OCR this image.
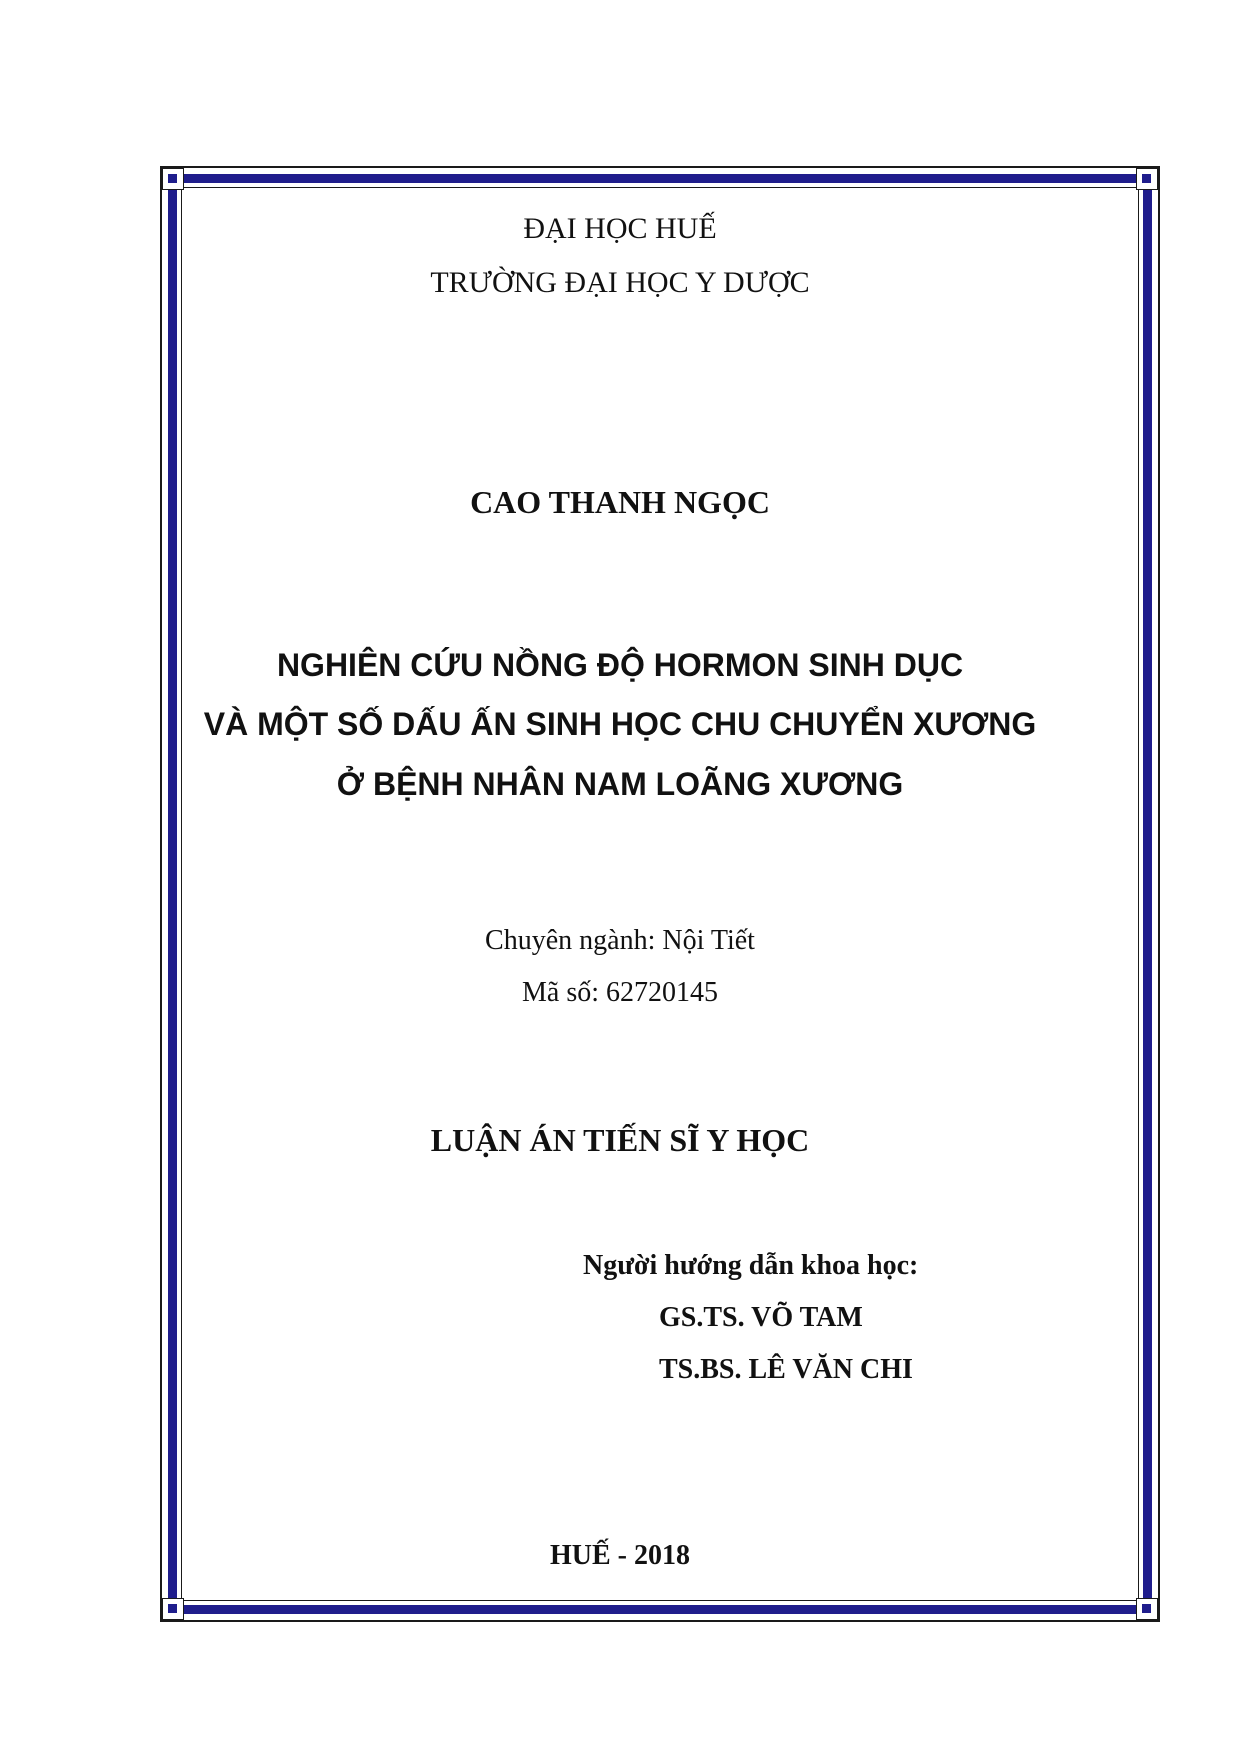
ĐẠI HỌC HUẾ
TRƯỜNG ĐẠI HỌC Y DƯỢC
CAO THANH NGỌC
NGHIÊN CỨU NỒNG ĐỘ HORMON SINH DỤC
VÀ MỘT SỐ DẤU ẤN SINH HỌC CHU CHUYỂN XƯƠNG
Ở BỆNH NHÂN NAM LOÃNG XƯƠNG
Chuyên ngành: Nội Tiết
Mã số: 62720145
LUẬN ÁN TIẾN SĨ Y HỌC
Người hướng dẫn khoa học:
GS.TS. VÕ TAM
TS.BS. LÊ VĂN CHI
HUẾ - 2018
